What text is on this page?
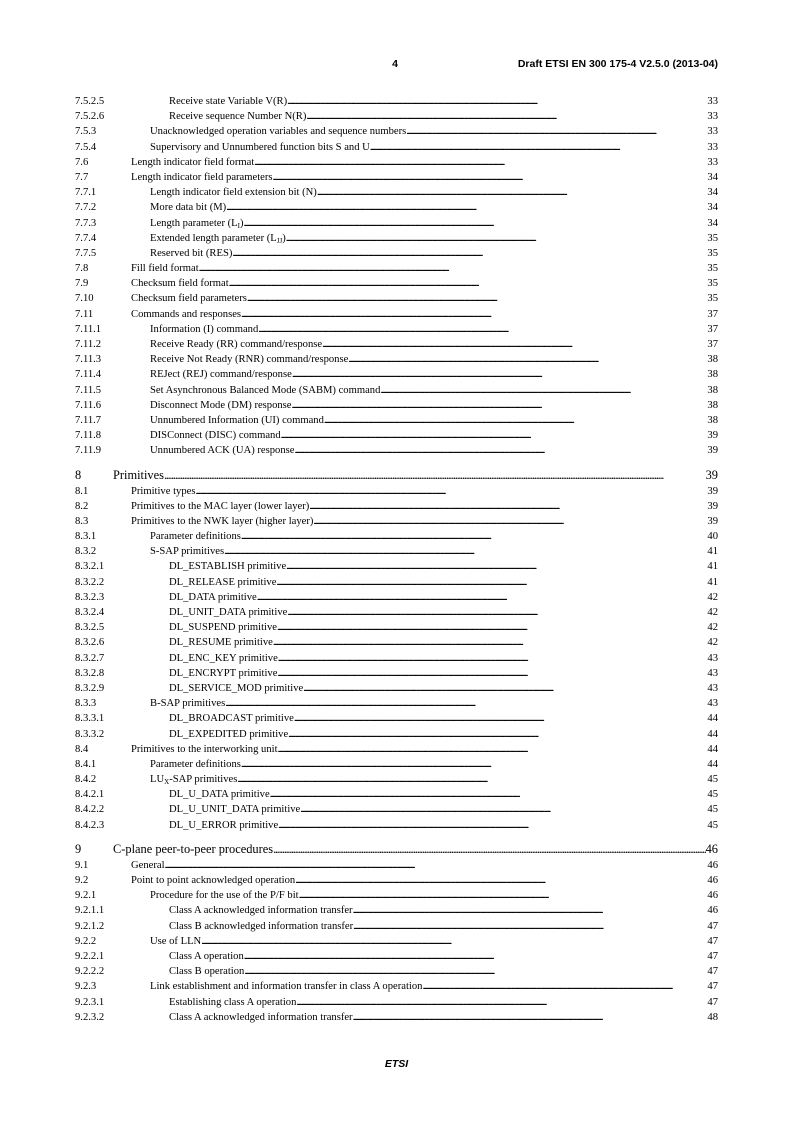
4	Draft ETSI EN 300 175-4 V2.5.0 (2013-04)
7.5.2.5	Receive state Variable V(R) . . .	33
7.5.2.6	Receive sequence Number N(R) . . .	33
7.5.3	Unacknowledged operation variables and sequence numbers . . .	33
7.5.4	Supervisory and Unnumbered function bits S and U . . .	33
7.6	Length indicator field format . . .	33
7.7	Length indicator field parameters . . .	34
7.7.1	Length indicator field extension bit (N) . . .	34
7.7.2	More data bit (M) . . .	34
7.7.3	Length parameter $(L_I)$ . . .	34
7.7.4	Extended length parameter $(L_{JJ})$ . . .	35
7.7.5	Reserved bit (RES) . . .	35
7.8	Fill field format . . .	35
7.9	Checksum field format . . .	35
7.10	Checksum field parameters . . .	35
7.11	Commands and responses . . .	37
7.11.1	Information (I) command . . .	37
7.11.2	Receive Ready (RR) command/response . . .	37
7.11.3	Receive Not Ready (RNR) command/response . . .	38
7.11.4	REJect (REJ) command/response . . .	38
7.11.5	Set Asynchronous Balanced Mode (SABM) command . . .	38
7.11.6	Disconnect Mode (DM) response . . .	38
7.11.7	Unnumbered Information (UI) command . . .	38
7.11.8	DISConnect (DISC) command . . .	39
7.11.9	Unnumbered ACK (UA) response . . .	39
8	Primitives . . .	39
8.1	Primitive types . . .	39
8.2	Primitives to the MAC layer (lower layer) . . .	39
8.3	Primitives to the NWK layer (higher layer) . . .	39
8.3.1	Parameter definitions . . .	40
8.3.2	S-SAP primitives . . .	41
8.3.2.1	DL_ESTABLISH primitive . . .	41
8.3.2.2	DL_RELEASE primitive . . .	41
8.3.2.3	DL_DATA primitive . . .	42
8.3.2.4	DL_UNIT_DATA primitive . . .	42
8.3.2.5	DL_SUSPEND primitive . . .	42
8.3.2.6	DL_RESUME primitive . . .	42
8.3.2.7	DL_ENC_KEY primitive . . .	43
8.3.2.8	DL_ENCRYPT primitive . . .	43
8.3.2.9	DL_SERVICE_MOD primitive . . .	43
8.3.3	B-SAP primitives . . .	43
8.3.3.1	DL_BROADCAST primitive . . .	44
8.3.3.2	DL_EXPEDITED primitive . . .	44
8.4	Primitives to the interworking unit . . .	44
8.4.1	Parameter definitions . . .	44
8.4.2	$LU_X$-SAP primitives . . .	45
8.4.2.1	DL_U_DATA primitive . . .	45
8.4.2.2	DL_U_UNIT_DATA primitive . . .	45
8.4.2.3	DL_U_ERROR primitive . . .	45
9	C-plane peer-to-peer procedures . . .	46
9.1	General . . .	46
9.2	Point to point acknowledged operation . . .	46
9.2.1	Procedure for the use of the P/F bit . . .	46
9.2.1.1	Class A acknowledged information transfer . . .	46
9.2.1.2	Class B acknowledged information transfer . . .	47
9.2.2	Use of LLN . . .	47
9.2.2.1	Class A operation . . .	47
9.2.2.2	Class B operation . . .	47
9.2.3	Link establishment and information transfer in class A operation . . .	47
9.2.3.1	Establishing class A operation . . .	47
9.2.3.2	Class A acknowledged information transfer . . .	48
ETSI
